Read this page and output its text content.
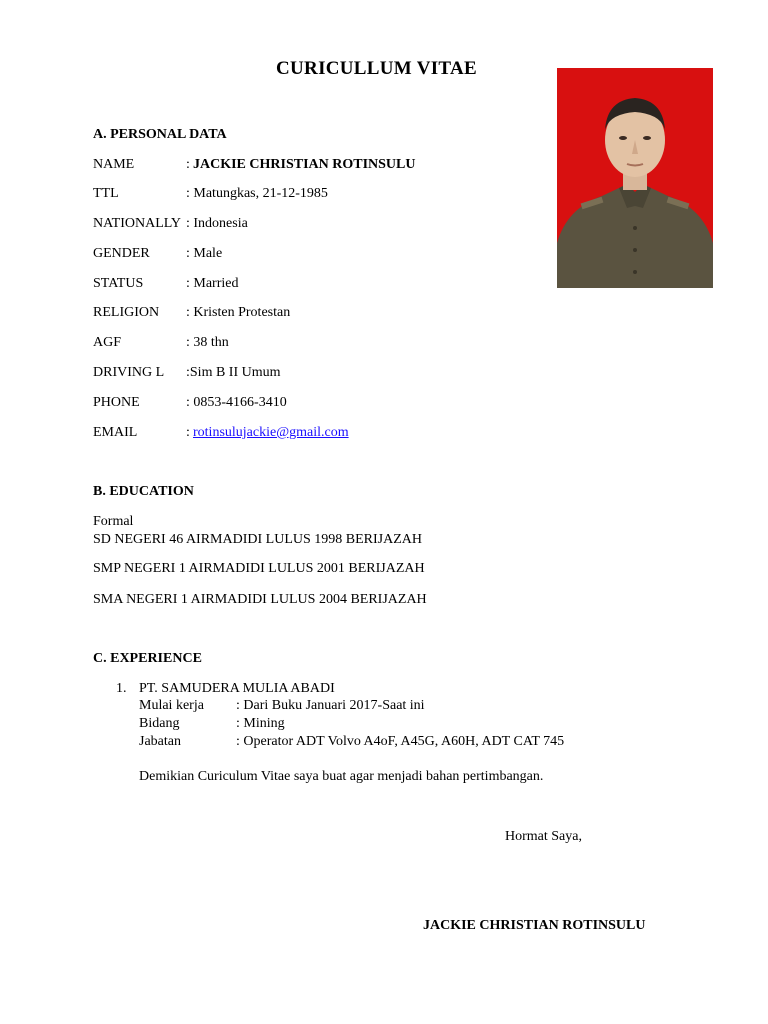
CURICULLUM VITAE
A. PERSONAL DATA
NAME	: JACKIE CHRISTIAN ROTINSULU
TTL	: Matungkas, 21-12-1985
NATIONALLY : Indonesia
GENDER	: Male
STATUS	: Married
RELIGION : Kristen Protestan
AGF	: 38 thn
DRIVING L :Sim B II Umum
PHONE	: 0853-4166-3410
EMAIL	: rotinsulujackie@gmail.com
B. EDUCATION
Formal
SD NEGERI 46 AIRMADIDI LULUS 1998 BERIJAZAH
SMP NEGERI 1 AIRMADIDI LULUS 2001 BERIJAZAH
SMA NEGERI 1 AIRMADIDI LULUS 2004 BERIJAZAH
C. EXPERIENCE
1. PT. SAMUDERA MULIA ABADI
Mulai kerja : Dari Buku Januari 2017-Saat ini
Bidang	: Mining
Jabatan	: Operator ADT Volvo A4oF, A45G, A60H, ADT CAT 745
Demikian Curiculum Vitae saya buat agar menjadi bahan pertimbangan.
Hormat Saya,
JACKIE CHRISTIAN ROTINSULU
